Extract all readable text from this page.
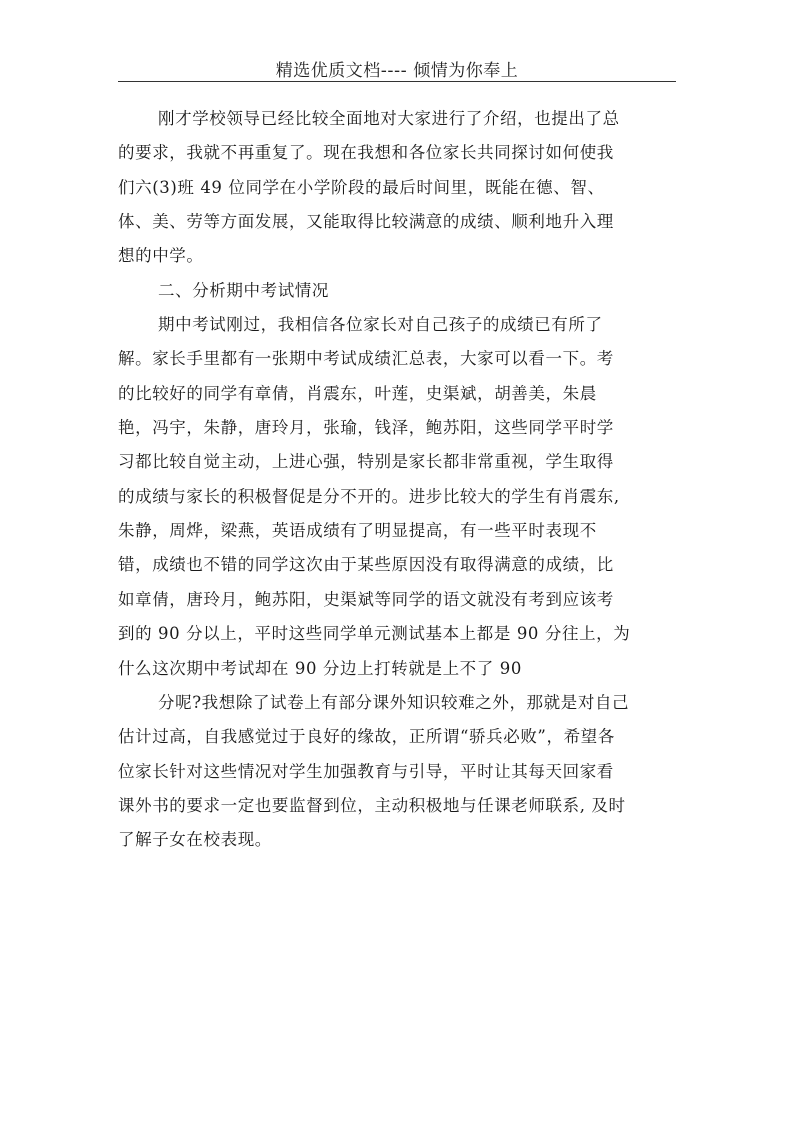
精选优质文档---- 倾情为你奉上
刚才学校领导已经比较全面地对大家进行了介绍，也提出了总
的要求，我就不再重复了。现在我想和各位家长共同探讨如何使我
们六(3)班 49 位同学在小学阶段的最后时间里，既能在德、智、
体、美、劳等方面发展，又能取得比较满意的成绩、顺利地升入理
想的中学。
二、分析期中考试情况
期中考试刚过，我相信各位家长对自己孩子的成绩已有所了
解。家长手里都有一张期中考试成绩汇总表，大家可以看一下。考
的比较好的同学有章倩，肖震东，叶莲，史渠斌，胡善美，朱晨
艳，冯宇，朱静，唐玲月，张瑜，钱泽，鲍苏阳，这些同学平时学
习都比较自觉主动，上进心强，特别是家长都非常重视，学生取得
的成绩与家长的积极督促是分不开的。进步比较大的学生有肖震东,
朱静，周烨，梁燕，英语成绩有了明显提高，有一些平时表现不
错，成绩也不错的同学这次由于某些原因没有取得满意的成绩，比
如章倩，唐玲月，鲍苏阳，史渠斌等同学的语文就没有考到应该考
到的 90 分以上，平时这些同学单元测试基本上都是 90 分往上，为
什么这次期中考试却在 90 分边上打转就是上不了 90
分呢?我想除了试卷上有部分课外知识较难之外，那就是对自己
估计过高，自我感觉过于良好的缘故，正所谓“骄兵必败”，希望各
位家长针对这些情况对学生加强教育与引导，平时让其每天回家看
课外书的要求一定也要监督到位，主动积极地与任课老师联系, 及时
了解子女在校表现。
